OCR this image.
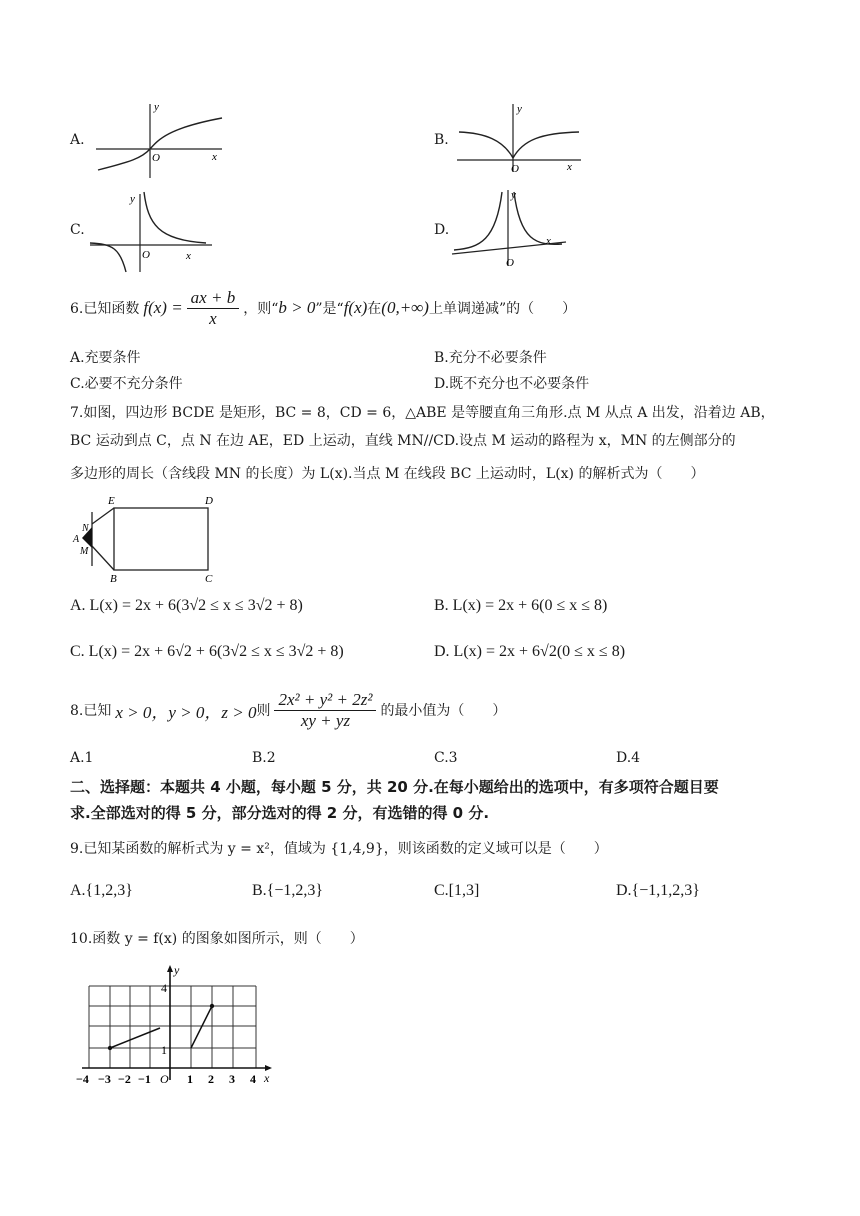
A.
y
x
O
B.
y
x
O
C.
y
x
O
D.
y
x
O
6.已知函数 $f(x) = \frac{ax + b}{x}$ ，则“ b > 0 ”是“ f(x) 在 (0,+∞) 上单调递减”的（　　）
A.充要条件	B.充分不必要条件
C.必要不充分条件	D.既不充分也不必要条件
7.如图，四边形 BCDE 是矩形，BC = 8，CD = 6，△ABE 是等腰直角三角形.点 M 从点 A 出发，沿着边 AB，
BC 运动到点 C，点 N 在边 AE，ED 上运动，直线 MN//CD.设点 M 运动的路程为 x，MN 的左侧部分的
多边形的周长（含线段 MN 的长度）为 L(x).当点 M 在线段 BC 上运动时，L(x) 的解析式为（　　）
E	D
N
A
M
B	C
A. L(x) = 2x + 6(3√2 ≤ x ≤ 3√2 + 8)	B. L(x) = 2x + 6(0 ≤ x ≤ 8)
C. L(x) = 2x + 6√2 + 6(3√2 ≤ x ≤ 3√2 + 8)	D. L(x) = 2x + 6√2(0 ≤ x ≤ 8)
8.已知 x > 0，y > 0，z > 0 则 $\frac{\text{2x² + y² + 2z²}}{xy + yz}$ 的最小值为（　　）
A.1	B.2	C.3	D.4
二、选择题：本题共 4 小题，每小题 5 分，共 20 分.在每小题给出的选项中，有多项符合题目要
求.全部选对的得 5 分，部分选对的得 2 分，有选错的得 0 分.
9.已知某函数的解析式为 y = x²，值域为 {1,4,9}，则该函数的定义域可以是（　　）
A.{1,2,3}	B.{−1,2,3}	C.[1,3]	D.{−1,1,2,3}
10.函数 y = f(x) 的图象如图所示，则（　　）
y
x
4
1
−4 −3 −2 −1 O 1 2 3 4
